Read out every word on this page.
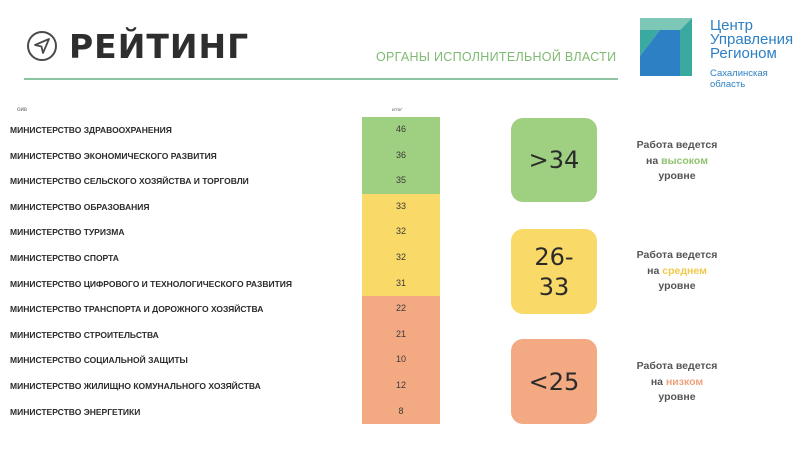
РЕЙТИНГ	ОРГАНЫ ИСПОЛНИТЕЛЬНОЙ ВЛАСТИ
Центр
Управления
Регионом
Сахалинская область
ОИВ	итог
МИНИСТЕРСТВО ЗДРАВООХРАНЕНИЯ	46
МИНИСТЕРСТВО ЭКОНОМИЧЕСКОГО РАЗВИТИЯ	36
МИНИСТЕРСТВО СЕЛЬСКОГО ХОЗЯЙСТВА И ТОРГОВЛИ	35
МИНИСТЕРСТВО ОБРАЗОВАНИЯ	33
МИНИСТЕРСТВО ТУРИЗМА	32
МИНИСТЕРСТВО СПОРТА	32
МИНИСТЕРСТВО ЦИФРОВОГО И ТЕХНОЛОГИЧЕСКОГО РАЗВИТИЯ	31
МИНИСТЕРСТВО ТРАНСПОРТА И ДОРОЖНОГО ХОЗЯЙСТВА	22
МИНИСТЕРСТВО СТРОИТЕЛЬСТВА	21
МИНИСТЕРСТВО СОЦИАЛЬНОЙ ЗАЩИТЫ	10
МИНИСТЕРСТВО ЖИЛИЩНО КОМУНАЛЬНОГО ХОЗЯЙСТВА	12
МИНИСТЕРСТВО ЭНЕРГЕТИКИ	8
>34
26-
33
<25
Работа ведется
на высоком
уровне
Работа ведется
на среднем
уровне
Работа ведется
на низком
уровне
